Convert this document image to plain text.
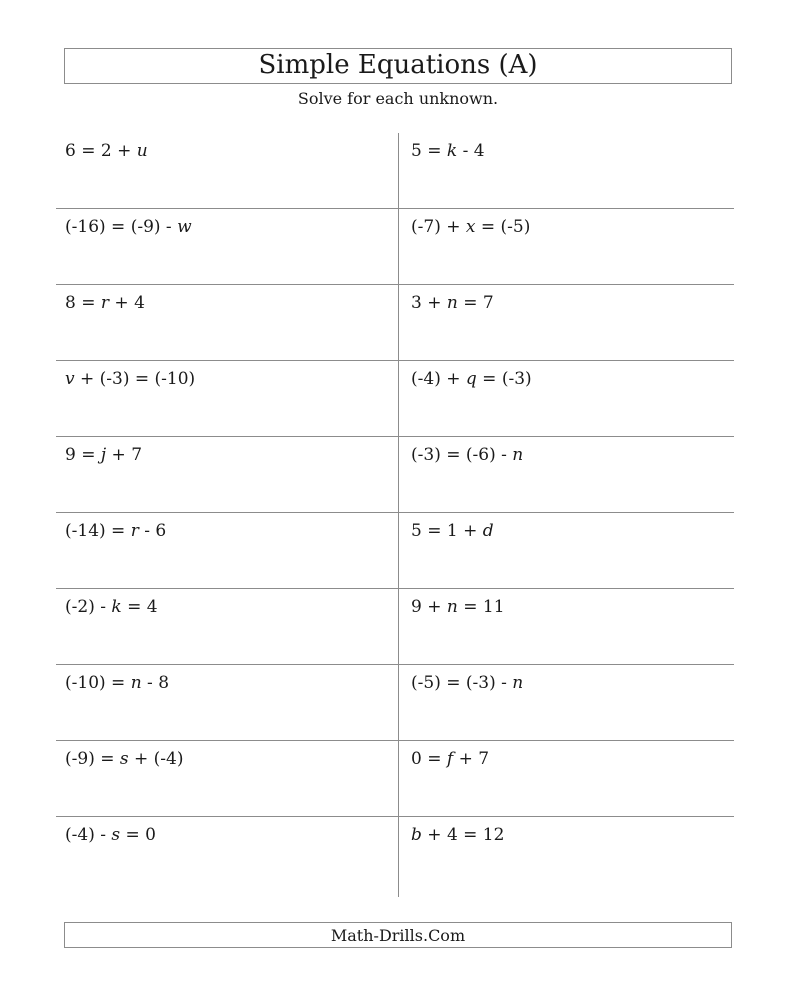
Simple Equations (A)
Solve for each unknown.
6 = 2 + u	5 = k - 4
(-16) = (-9) - w	(-7) + x = (-5)
8 = r + 4	3 + n = 7
v + (-3) = (-10)	(-4) + q = (-3)
9 = j + 7	(-3) = (-6) - n
(-14) = r - 6	5 = 1 + d
(-2) - k = 4	9 + n = 11
(-10) = n - 8	(-5) = (-3) - n
(-9) = s + (-4)	0 = f + 7
(-4) - s = 0	b + 4 = 12
Math-Drills.Com
